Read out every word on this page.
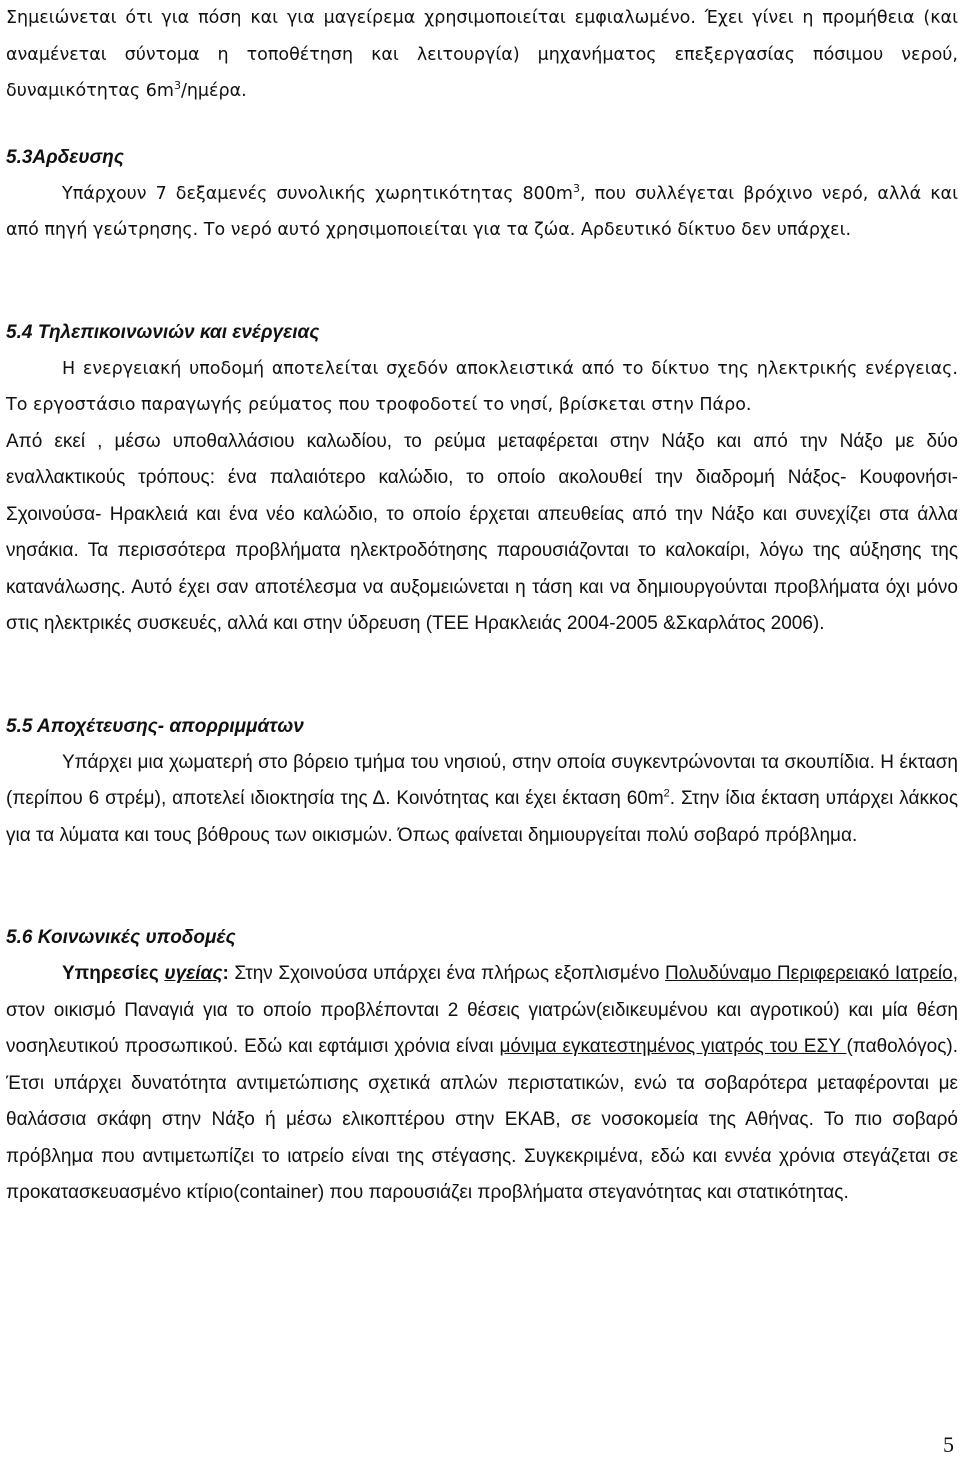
Σημειώνεται ότι για πόση και για μαγείρεμα χρησιμοποιείται εμφιαλωμένο. Έχει γίνει η προμήθεια (και αναμένεται σύντομα η τοποθέτηση και λειτουργία) μηχανήματος επεξεργασίας πόσιμου νερού, δυναμικότητας $6m^3$/ημέρα.

5.3Αρδευσης

Υπάρχουν 7 δεξαμενές συνολικής χωρητικότητας $800m^3$, που συλλέγεται βρόχινο νερό, αλλά και από πηγή γεώτρησης. Το νερό αυτό χρησιμοποιείται για τα ζώα. Αρδευτικό δίκτυο δεν υπάρχει.

5.4 Τηλεπικοινωνιών και ενέργειας

Η ενεργειακή υποδομή αποτελείται σχεδόν αποκλειστικά από το δίκτυο της ηλεκτρικής ενέργειας. Το εργοστάσιο παραγωγής ρεύματος που τροφοδοτεί το νησί, βρίσκεται στην Πάρο.

Από εκεί , μέσω υποθαλλάσιου καλωδίου, το ρεύμα μεταφέρεται στην Νάξο και από την Νάξο με δύο εναλλακτικούς τρόπους: ένα παλαιότερο καλώδιο, το οποίο ακολουθεί την διαδρομή Νάξος- Κουφονήσι-Σχοινούσα- Ηρακλειά και ένα νέο καλώδιο, το οποίο έρχεται απευθείας από την Νάξο και συνεχίζει στα άλλα νησάκια. Τα περισσότερα προβλήματα ηλεκτροδότησης παρουσιάζονται το καλοκαίρι, λόγω της αύξησης της κατανάλωσης. Αυτό έχει σαν αποτέλεσμα να αυξομειώνεται η τάση και να δημιουργούνται προβλήματα όχι μόνο στις ηλεκτρικές συσκευές, αλλά και στην ύδρευση (ΤΕΕ Ηρακλειάς 2004-2005 &Σκαρλάτος 2006).

5.5 Αποχέτευσης- απορριμμάτων

Υπάρχει μια χωματερή στο βόρειο τμήμα του νησιού, στην οποία συγκεντρώνονται τα σκουπίδια. Η έκταση (περίπου 6 στρέμ), αποτελεί ιδιοκτησία της Δ. Κοινότητας και έχει έκταση $60m^2$. Στην ίδια έκταση υπάρχει λάκκος για τα λύματα και τους βόθρους των οικισμών. Όπως φαίνεται δημιουργείται πολύ σοβαρό πρόβλημα.

5.6 Κοινωνικές υποδομές

Υπηρεσίες υγείας: Στην Σχοινούσα υπάρχει ένα πλήρως εξοπλισμένο Πολυδύναμο Περιφερειακό Ιατρείο, στον οικισμό Παναγιά για το οποίο προβλέπονται 2 θέσεις γιατρών(ειδικευμένου και αγροτικού) και μία θέση νοσηλευτικού προσωπικού. Εδώ και εφτάμισι χρόνια είναι μόνιμα εγκατεστημένος γιατρός του ΕΣΥ (παθολόγος). Έτσι υπάρχει δυνατότητα αντιμετώπισης σχετικά απλών περιστατικών, ενώ τα σοβαρότερα μεταφέρονται με θαλάσσια σκάφη στην Νάξο ή μέσω ελικοπτέρου στην ΕΚΑΒ, σε νοσοκομεία της Αθήνας. Το πιο σοβαρό πρόβλημα που αντιμετωπίζει το ιατρείο είναι της στέγασης. Συγκεκριμένα, εδώ και εννέα χρόνια στεγάζεται σε προκατασκευασμένο κτίριο(container) που παρουσιάζει προβλήματα στεγανότητας και στατικότητας.

5
